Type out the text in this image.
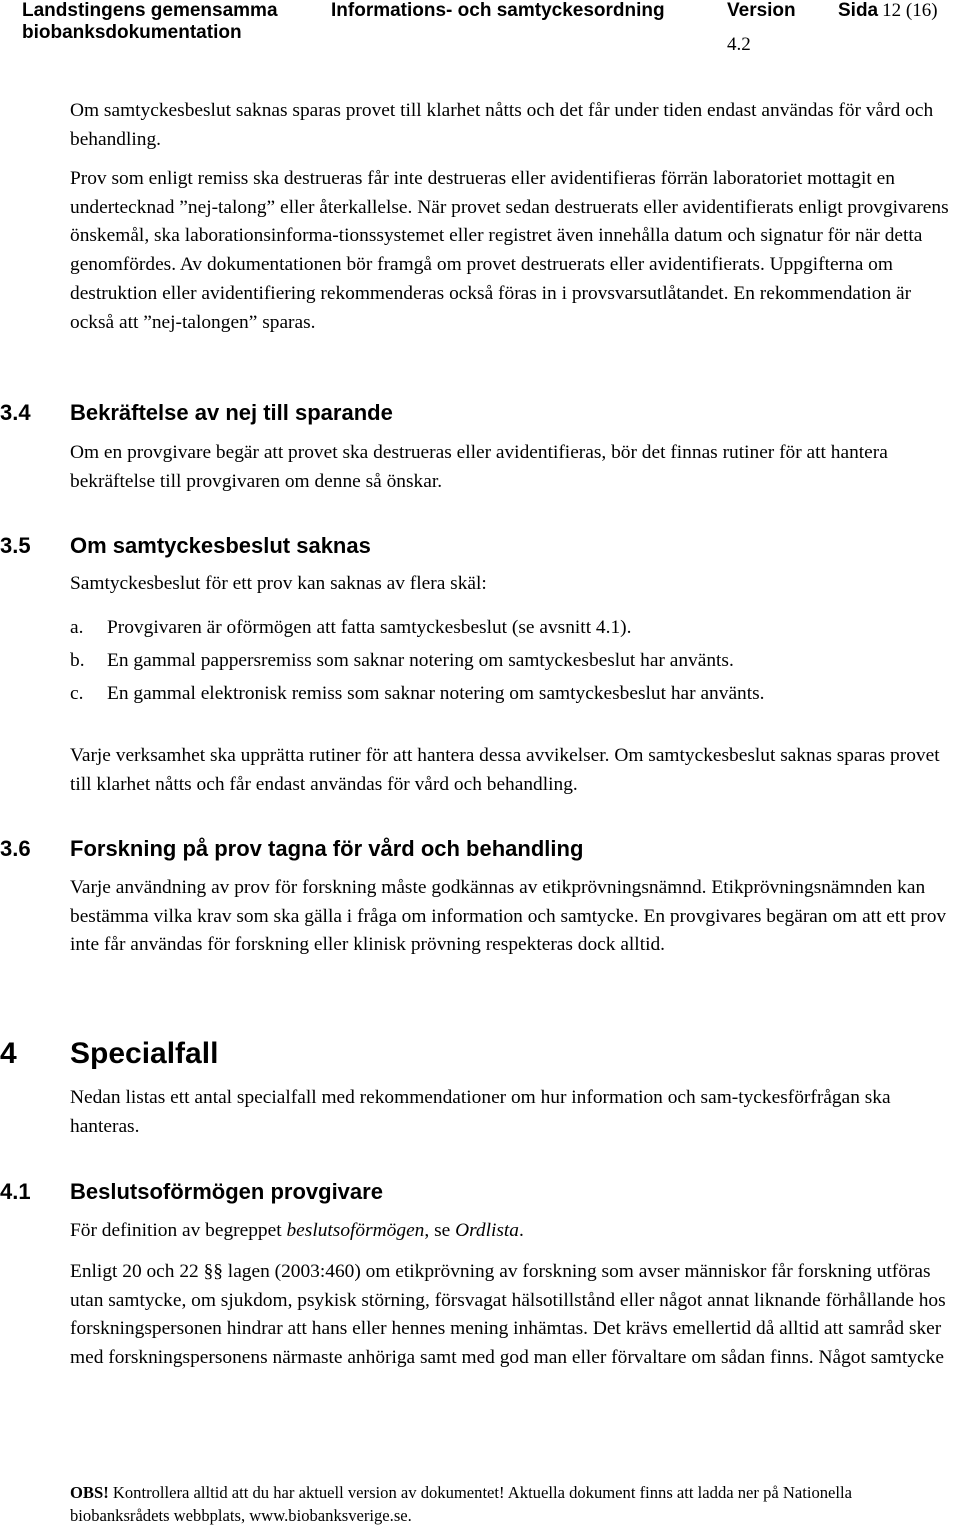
Landstingens gemensamma
biobanksdokumentation
Informations- och samtyckesordning	Version
4.2
Sida 12 (16)

Om samtyckesbeslut saknas sparas provet till klarhet nåtts och det får under tiden endast användas för vård och behandling.

Prov som enligt remiss ska destrueras får inte destrueras eller avidentifieras förrän laboratoriet mottagit en undertecknad ”nej-talong” eller återkallelse. När provet sedan destruerats eller avidentifierats enligt provgivarens önskemål, ska laborationsinforma-tionssystemet eller registret även innehålla datum och signatur för när detta genomfördes. Av dokumentationen bör framgå om provet destruerats eller avidentifierats. Uppgifterna om destruktion eller avidentifiering rekommenderas också föras in i provsvarsutlåtandet. En rekommendation är också att ”nej-talongen” sparas.

3.4 Bekräftelse av nej till sparande

Om en provgivare begär att provet ska destrueras eller avidentifieras, bör det finnas rutiner för att hantera bekräftelse till provgivaren om denne så önskar.

3.5 Om samtyckesbeslut saknas

Samtyckesbeslut för ett prov kan saknas av flera skäl:

a. Provgivaren är oförmögen att fatta samtyckesbeslut (se avsnitt 4.1).
b. En gammal pappersremiss som saknar notering om samtyckesbeslut har använts.
c. En gammal elektronisk remiss som saknar notering om samtyckesbeslut har använts.

Varje verksamhet ska upprätta rutiner för att hantera dessa avvikelser. Om samtyckesbeslut saknas sparas provet till klarhet nåtts och får endast användas för vård och behandling.

3.6 Forskning på prov tagna för vård och behandling

Varje användning av prov för forskning måste godkännas av etikprövningsnämnd. Etikprövningsnämnden kan bestämma vilka krav som ska gälla i fråga om information och samtycke. En provgivares begäran om att ett prov inte får användas för forskning eller klinisk prövning respekteras dock alltid.

4 Specialfall

Nedan listas ett antal specialfall med rekommendationer om hur information och sam-tyckesförfrågan ska hanteras.

4.1 Beslutsoförmögen provgivare

För definition av begreppet beslutsoförmögen, se Ordlista.

Enligt 20 och 22 §§ lagen (2003:460) om etikprövning av forskning som avser människor får forskning utföras utan samtycke, om sjukdom, psykisk störning, försvagat hälsotillstånd eller något annat liknande förhållande hos forskningspersonen hindrar att hans eller hennes mening inhämtas. Det krävs emellertid då alltid att samråd sker med forskningspersonens närmaste anhöriga samt med god man eller förvaltare om sådan finns. Något samtycke

OBS! Kontrollera alltid att du har aktuell version av dokumentet! Aktuella dokument finns att ladda ner på Nationella biobanksrådets webbplats, www.biobanksverige.se.
